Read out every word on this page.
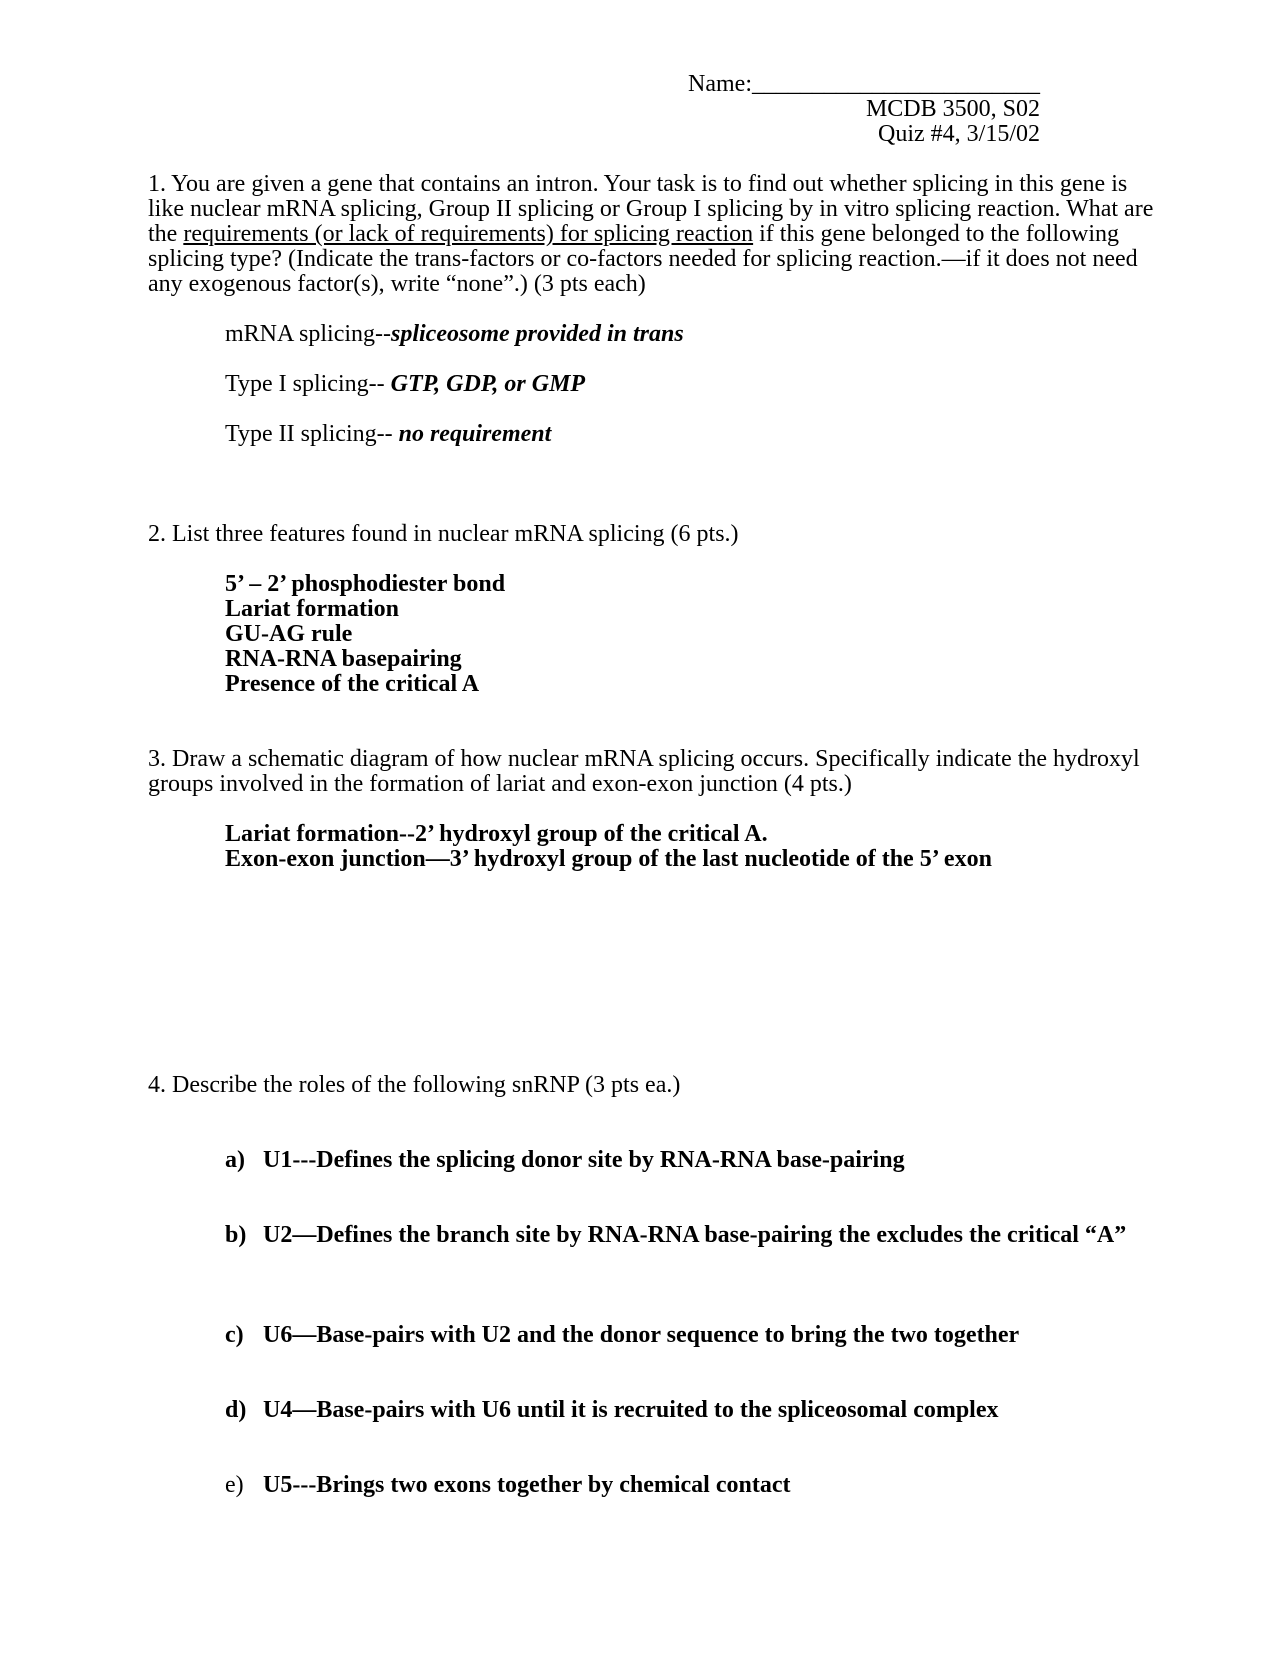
Name:________________________
MCDB 3500, S02
Quiz #4, 3/15/02
1. You are given a gene that contains an intron. Your task is to find out whether splicing in this gene is like nuclear mRNA splicing, Group II splicing or Group I splicing by in vitro splicing reaction. What are the requirements (or lack of requirements) for splicing reaction if this gene belonged to the following splicing type? (Indicate the trans-factors or co-factors needed for splicing reaction.—if it does not need any exogenous factor(s), write “none”.) (3 pts each)
mRNA splicing--spliceosome provided in trans
Type I splicing-- GTP, GDP, or GMP
Type II splicing-- no requirement
2. List three features found in nuclear mRNA splicing (6 pts.)
5’ – 2’ phosphodiester bond
Lariat formation
GU-AG rule
RNA-RNA basepairing
Presence of the critical A
3. Draw a schematic diagram of how nuclear mRNA splicing occurs. Specifically indicate the hydroxyl groups involved in the formation of lariat and exon-exon junction (4 pts.)
Lariat formation--2’ hydroxyl group of the critical A.
Exon-exon junction—3’ hydroxyl group of the last nucleotide of the 5’ exon
4. Describe the roles of the following snRNP (3 pts ea.)
a) U1---Defines the splicing donor site by RNA-RNA base-pairing
b) U2—Defines the branch site by RNA-RNA base-pairing the excludes the critical “A”
c) U6—Base-pairs with U2 and the donor sequence to bring the two together
d) U4—Base-pairs with U6 until it is recruited to the spliceosomal complex
e) U5---Brings two exons together by chemical contact
